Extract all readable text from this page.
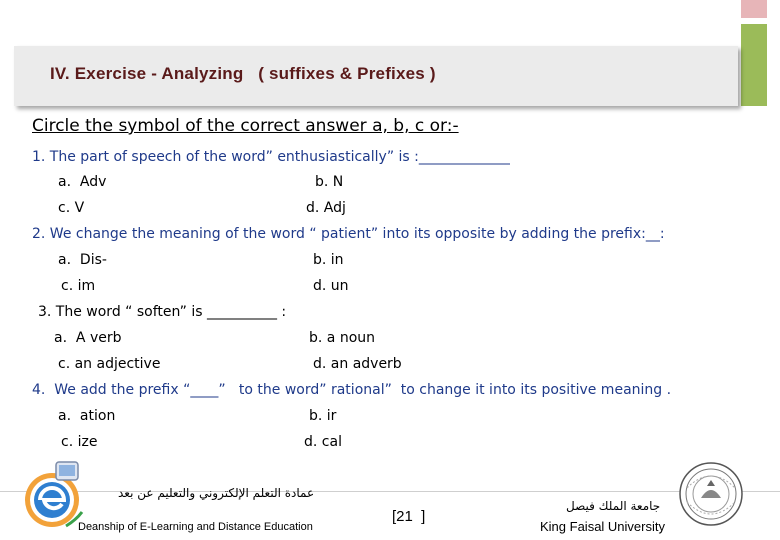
IV. Exercise - Analyzing   ( suffixes & Prefixes )
Circle the symbol of the correct answer a, b, c or:-
1. The part of speech of the word” enthusiastically” is :_____________
a.  Adv	b. N
c. V	d. Adj
2. We change the meaning of the word “ patient” into its opposite by adding the prefix:__:
a.  Dis-	b. in
c. im	d. un
3. The word “ soften” is __________ :
a.  A verb	b. a noun
c. an adjective	d. an adverb
4.  We add the prefix “____”   to the word” rational”  to change it into its positive meaning .
a.  ation	b. ir
c. ize	d. cal
عمادة التعلم الإلكتروني والتعليم عن بعد
Deanship of E-Learning and Distance Education
[21  ]
جامعة الملك فيصل
King Faisal University
